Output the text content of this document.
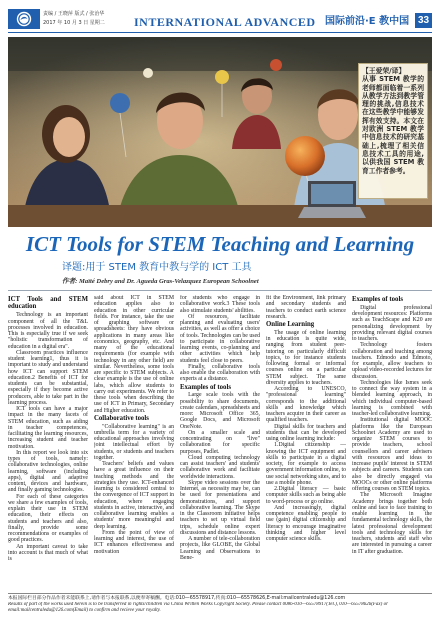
责编 / 王晓萍 版式 / 张治华
2017 年 10 月 3 日 星期二 INTERNATIONAL ADVANCED 国际前沿·E 教中国 33
【王爱荣/译】
从事 STEM 教学的老师都面临着一系列从教学方法到教学管理的挑战,信息技术在这些教学中能够发挥有效支持。本文在对欧洲 STEM 教学中信息技术的研究基础上,梳理了相关信息技术工具的用途,以供我国 STEM 教育工作者参考。
ICT Tools for STEM Teaching and Learning
译题:用于 STEM 教育中教与学的 ICT 工具
作者: Maïté Debry and Dr. Agueda Gras-Velazquez European Schoolnet
ICT Tools and STEM education

Technology is an important component of all the T&L processes involved in education. This is especially true if we seek "holistic transformation of education in a digital era".

Classroom practices influence student learning1, thus it is important to study and understand how ICT can support STEM education.2 Benefits of ICT for students can be substantial, especially if they become active producers, able to take part in the learning process.

ICT tools can have a major impact in the many facets of STEM education, such as aiding in teacher competences, facilitating the learning resources, increasing student and teacher motivation.

In this report we look into six types of tools, namely: collaborative technologies, online learning, software (including apps), digital and adaptive content, devices and hardware, and finally gaming technologies.

For each of these categories we share a few examples of tools, explain their use in STEM education, their effects on students and teachers and also, finally, provide some recommendations or examples of good practices.

An important caveat to take into account is that much of what is

said about ICT in STEM education applies also to education in other curricular fields. For instance, take the use of graphing software or spreadsheets: they have obvious applications in many areas like economics, geography, etc. And many of the educational requirements (for example with technology in any other field) are similar. Nevertheless, some tools are specific to STEM subjects. A clear example is the use of online labs, which allow students to carry out experiments. We refer to these tools when describing the use of ICT in Primary, Secondary and Higher education.

Collaborative tools

"Collaborative learning" is an umbrella term for a variety of educational approaches involving joint intellectual effort by students, or students and teachers together.

Teachers' beliefs and values have a great influence on their teaching methods and the strategies they use. ICT-enhanced learning is considered central to the convergence of ICT support in education, where engaging students in active, interactive, and collaborative learning enables a students' more meaningful and deep learning.

From the point of view of learning and interest, the use of ICT enhances effectiveness and motivation

for students who engage in collaborative work.3 These tools also stimulate students' abilities.

Of resources, facilitate planning and evaluating users' activities, as well as offer a choice of tools. Technologies can be used to participate in collaborative learning events, co-planning and other activities which help students feel close to peers.

Finally, collaborative tools also enable the collaboration with experts at a distance.

Examples of tools

Large scale tools with the possibility to share documents, create calendars, spreadsheets and more: Microsoft Office 365, Google Docs, and Microsoft OneNote.

On a smaller scale and concentrating on "live" collaboration for specific purposes, Padlet.

Cloud computing technology can assist teachers' and students' collaborative work and facilitate worldwide interactions.

Skype video sessions over the Internet, as necessity may be, can be used for presentations and demonstrations, and support collaborative learning. The Skype in the Classroom initiative helps teachers to set up virtual field trips, schedule online expert discussions and distance lessons.

A number of tele-collaboration projects, like GLOBE, the Global Learning and Observations to Bene-

fit the Environment, link primary and secondary students and teachers to conduct earth science research.

Online Learning

The usage of online learning in education is quite wide, ranging from student peer-tutoring on particularly difficult topics, to for instance students following formal or informal courses online on a particular STEM subject. The same diversity applies to teachers.

According to UNESCO, "professional learning" corresponds to the additional skills and knowledge which teachers acquire in their career as qualified teachers.

Digital skills for teachers and students that can be developed using online learning include:

1.Digital citizenship — knowing the ICT equipment and skills to participate in a digital society, for example to access government information online, to use social networking sites, and to use a mobile phone.

2.Digital literacy — basic computer skills such as being able to word-process or go online.

And increasingly, digital competence enabling people to use (gain) digital citizenship and literacy to encourage imaginative thinking and higher level computer science skills.

Examples of tools

Digital professional development resources: Platforms such as TeachScape and K20 are personalizing development by providing relevant digital courses to teachers.

Technology fosters collaboration and teaching among teachers. Edmodo and Edmoto, for example, allow teachers to upload video-recorded lectures for discussion.

Technologies like Ismes seek to connect the way system in a blended learning approach, in which individual computer-based learning is combined with teacher-led collaborative learning.

Institutional digital MOOC platforms like the European Schoolnet Academy are used to organize STEM courses to provide teachers, school counsellors and career advisers with resources and ideas to increase pupils' interest in STEM subjects and careers. Students can also be directly engaged via MOOCs or other online platforms offering courses on STEM topics.

The Microsoft Imagine Academy brings together both online and face to face training to enable learning in the fundamental technology skills, the latest professional development tools and technology skills for teachers, students and staff who are interested in pursuing a career in IT after graduation.

本报国际栏目部分作品作者未能联系上,请作者与本报联系,以便奉寄稿酬。电话:010—65578917,传真:010—65578626,E-mail:mailcentraledu@126.com
Results of part of the works used herein is to be transferred in rights/children via China Written Works Copyright Society. Please contact 0086-010—65578917(Tel.), 010—65578626(Fax) or email:mailcentraledu@126.com(Email) to confirm and recieve your royalty.
